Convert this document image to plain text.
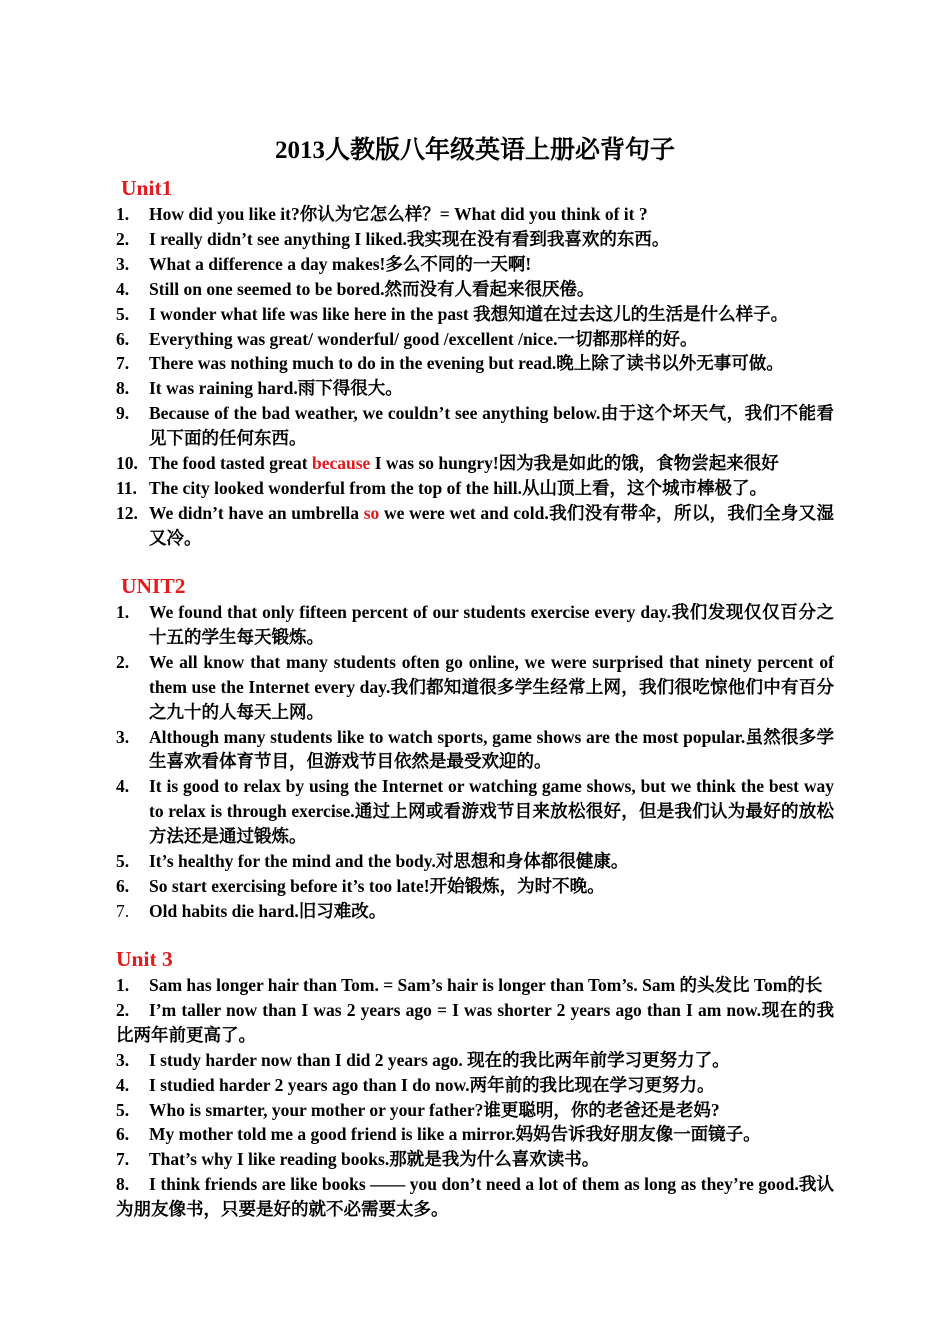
2013人教版八年级英语上册必背句子
Unit1
1. How did you like it?你认为它怎么样？= What did you think of it ?
2. I really didn’t see anything I liked.我实现在没有看到我喜欢的东西。
3. What a difference a day makes!多么不同的一天啊!
4. Still on one seemed to be bored.然而没有人看起来很厌倦。
5. I wonder what life was like here in the past 我想知道在过去这儿的生活是什么样子。
6. Everything was great/ wonderful/ good /excellent /nice.一切都那样的好。
7. There was nothing much to do in the evening but read.晚上除了读书以外无事可做。
8. It was raining hard.雨下得很大。
9. Because of the bad weather, we couldn’t see anything below.由于这个坏天气，我们不能看见下面的任何东西。
10. The food tasted great because I was so hungry!因为我是如此的饿，食物尝起来很好
11. The city looked wonderful from the top of the hill.从山顶上看，这个城市棒极了。
12. We didn’t have an umbrella so we were wet and cold.我们没有带伞，所以，我们全身又湿又冷。
UNIT2
1. We found that only fifteen percent of our students exercise every day.我们发现仅仅百分之十五的学生每天锻炼。
2. We all know that many students often go online, we were surprised that ninety percent of them use the Internet every day.我们都知道很多学生经常上网，我们很吃惊他们中有百分之九十的人每天上网。
3. Although many students like to watch sports, game shows are the most popular.虽然很多学生喜欢看体育节目，但游戏节目依然是最受欢迎的。
4. It is good to relax by using the Internet or watching game shows, but we think the best way to relax is through exercise.通过上网或看游戏节目来放松很好，但是我们认为最好的放松方法还是通过锻炼。
5. It’s healthy for the mind and the body.对思想和身体都很健康。
6. So start exercising before it’s too late!开始锻炼，为时不晚。
7. Old habits die hard.旧习难改。
Unit 3
1. Sam has longer hair than Tom. = Sam’s hair is longer than Tom’s. Sam 的头发比 Tom的长
2. I’m taller now than I was 2 years ago = I was shorter 2 years ago than I am now.现在的我比两年前更高了。
3. I study harder now than I did 2 years ago. 现在的我比两年前学习更努力了。
4. I studied harder 2 years ago than I do now.两年前的我比现在学习更努力。
5. Who is smarter, your mother or your father?谁更聪明，你的老爸还是老妈?
6. My mother told me a good friend is like a mirror.妈妈告诉我好朋友像一面镜子。
7. That’s why I like reading books.那就是我为什么喜欢读书。
8. I think friends are like books —— you don’t need a lot of them as long as they’re good.我认为朋友像书，只要是好的就不必需要太多。
